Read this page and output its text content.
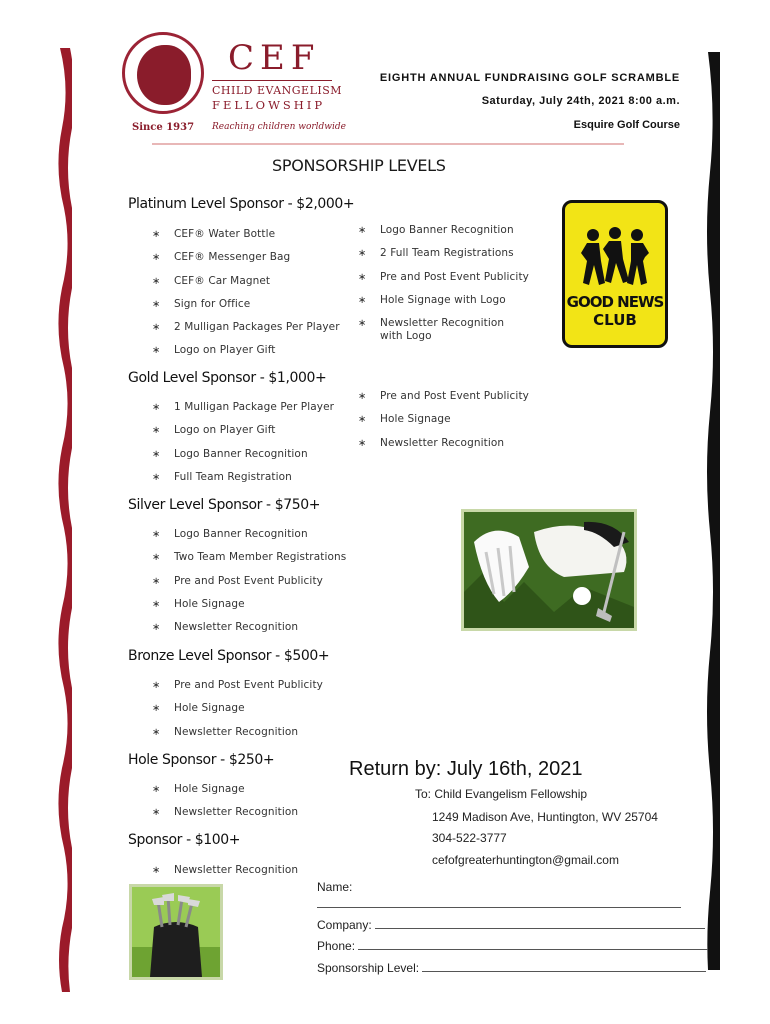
CEF
CHILD EVANGELISM
FELLOWSHIP
Since 1937 Reaching children worldwide
EIGHTH ANNUAL FUNDRAISING GOLF SCRAMBLE
Saturday, July 24th, 2021 8:00 a.m.
Esquire Golf Course
SPONSORSHIP LEVELS
Platinum Level Sponsor - $2,000+
∗ CEF® Water Bottle
∗ CEF® Messenger Bag
∗ CEF® Car Magnet
∗ Sign for Office
∗ 2 Mulligan Packages Per Player
∗ Logo on Player Gift
∗ Logo Banner Recognition
∗ 2 Full Team Registrations
∗ Pre and Post Event Publicity
∗ Hole Signage with Logo
∗ Newsletter Recognition with Logo
GOOD NEWS
CLUB
Gold Level Sponsor - $1,000+
∗ 1 Mulligan Package Per Player
∗ Logo on Player Gift
∗ Logo Banner Recognition
∗ Full Team Registration
∗ Pre and Post Event Publicity
∗ Hole Signage
∗ Newsletter Recognition
Silver Level Sponsor - $750+
∗ Logo Banner Recognition
∗ Two Team Member Registrations
∗ Pre and Post Event Publicity
∗ Hole Signage
∗ Newsletter Recognition
Bronze Level Sponsor - $500+
∗ Pre and Post Event Publicity
∗ Hole Signage
∗ Newsletter Recognition
Hole Sponsor - $250+
∗ Hole Signage
∗ Newsletter Recognition
Sponsor - $100+
∗ Newsletter Recognition
Return by: July 16th, 2021
To: Child Evangelism Fellowship
1249 Madison Ave, Huntington, WV 25704
304-522-3777
cefofgreaterhuntington@gmail.com
Name:
Company:
Phone:
Sponsorship Level:
